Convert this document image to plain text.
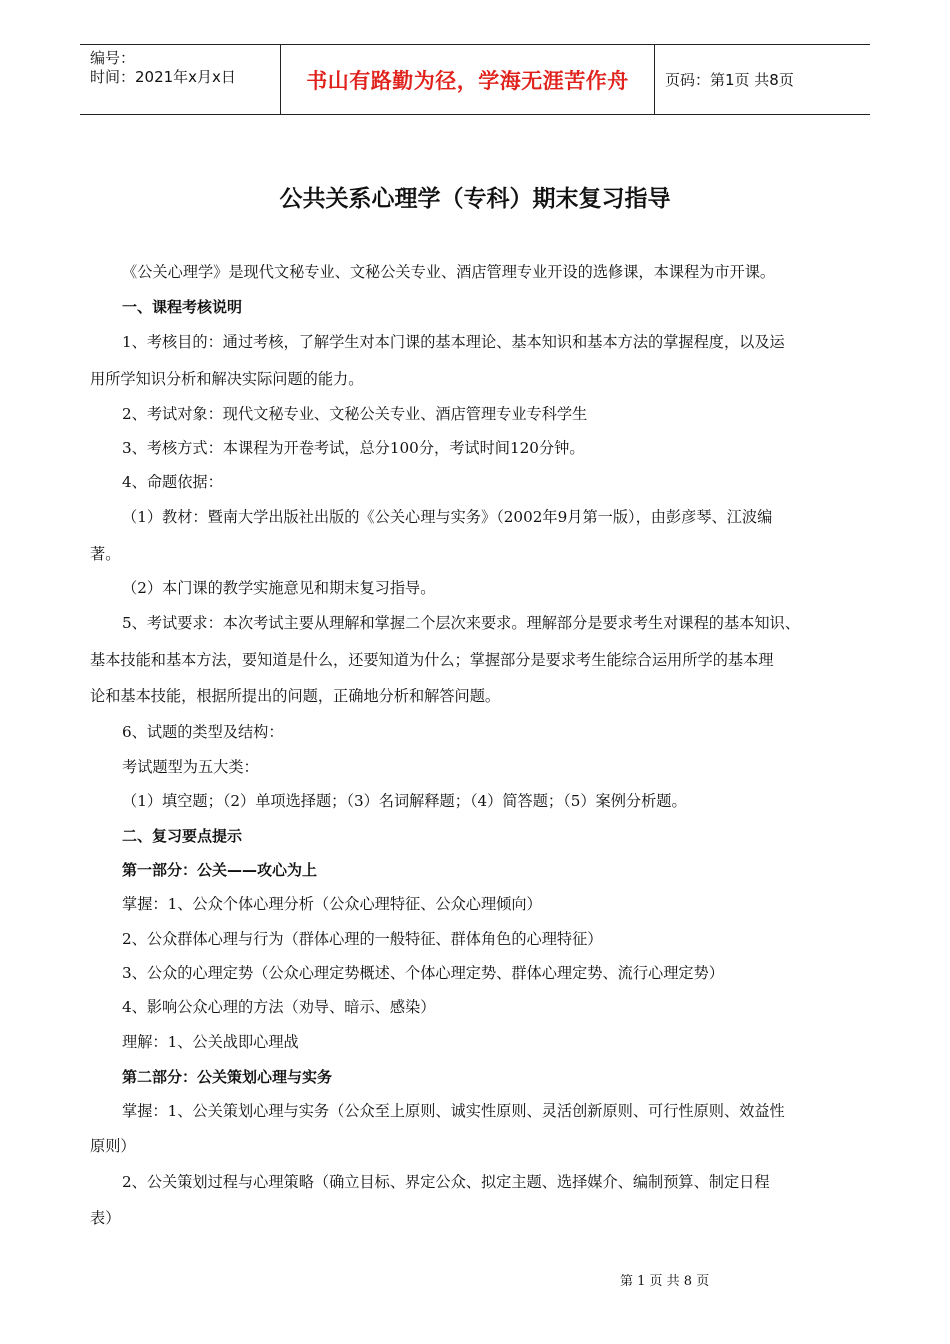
编号：
时间：2021年x月x日	书山有路勤为径，学海无涯苦作舟	页码：第1页 共8页
公共关系心理学（专科）期末复习指导
《公关心理学》是现代文秘专业、文秘公关专业、酒店管理专业开设的选修课，本课程为市开课。
一、课程考核说明
1、考核目的：通过考核，了解学生对本门课的基本理论、基本知识和基本方法的掌握程度，以及运
用所学知识分析和解决实际问题的能力。
2、考试对象：现代文秘专业、文秘公关专业、酒店管理专业专科学生
3、考核方式：本课程为开卷考试，总分100分，考试时间120分钟。
4、命题依据：
（1）教材：暨南大学出版社出版的《公关心理与实务》（2002年9月第一版），由彭彦琴、江波编
著。
（2）本门课的教学实施意见和期末复习指导。
5、考试要求：本次考试主要从理解和掌握二个层次来要求。理解部分是要求考生对课程的基本知识、
基本技能和基本方法，要知道是什么，还要知道为什么；掌握部分是要求考生能综合运用所学的基本理
论和基本技能，根据所提出的问题，正确地分析和解答问题。
6、试题的类型及结构：
考试题型为五大类：
（1）填空题；（2）单项选择题；（3）名词解释题；（4）简答题；（5）案例分析题。
二、复习要点提示
第一部分：公关——攻心为上
掌握：1、公众个体心理分析（公众心理特征、公众心理倾向）
2、公众群体心理与行为（群体心理的一般特征、群体角色的心理特征）
3、公众的心理定势（公众心理定势概述、个体心理定势、群体心理定势、流行心理定势）
4、影响公众心理的方法（劝导、暗示、感染）
理解：1、公关战即心理战
第二部分：公关策划心理与实务
掌握：1、公关策划心理与实务（公众至上原则、诚实性原则、灵活创新原则、可行性原则、效益性
原则）
2、公关策划过程与心理策略（确立目标、界定公众、拟定主题、选择媒介、编制预算、制定日程
表）
第 1 页 共 8 页
